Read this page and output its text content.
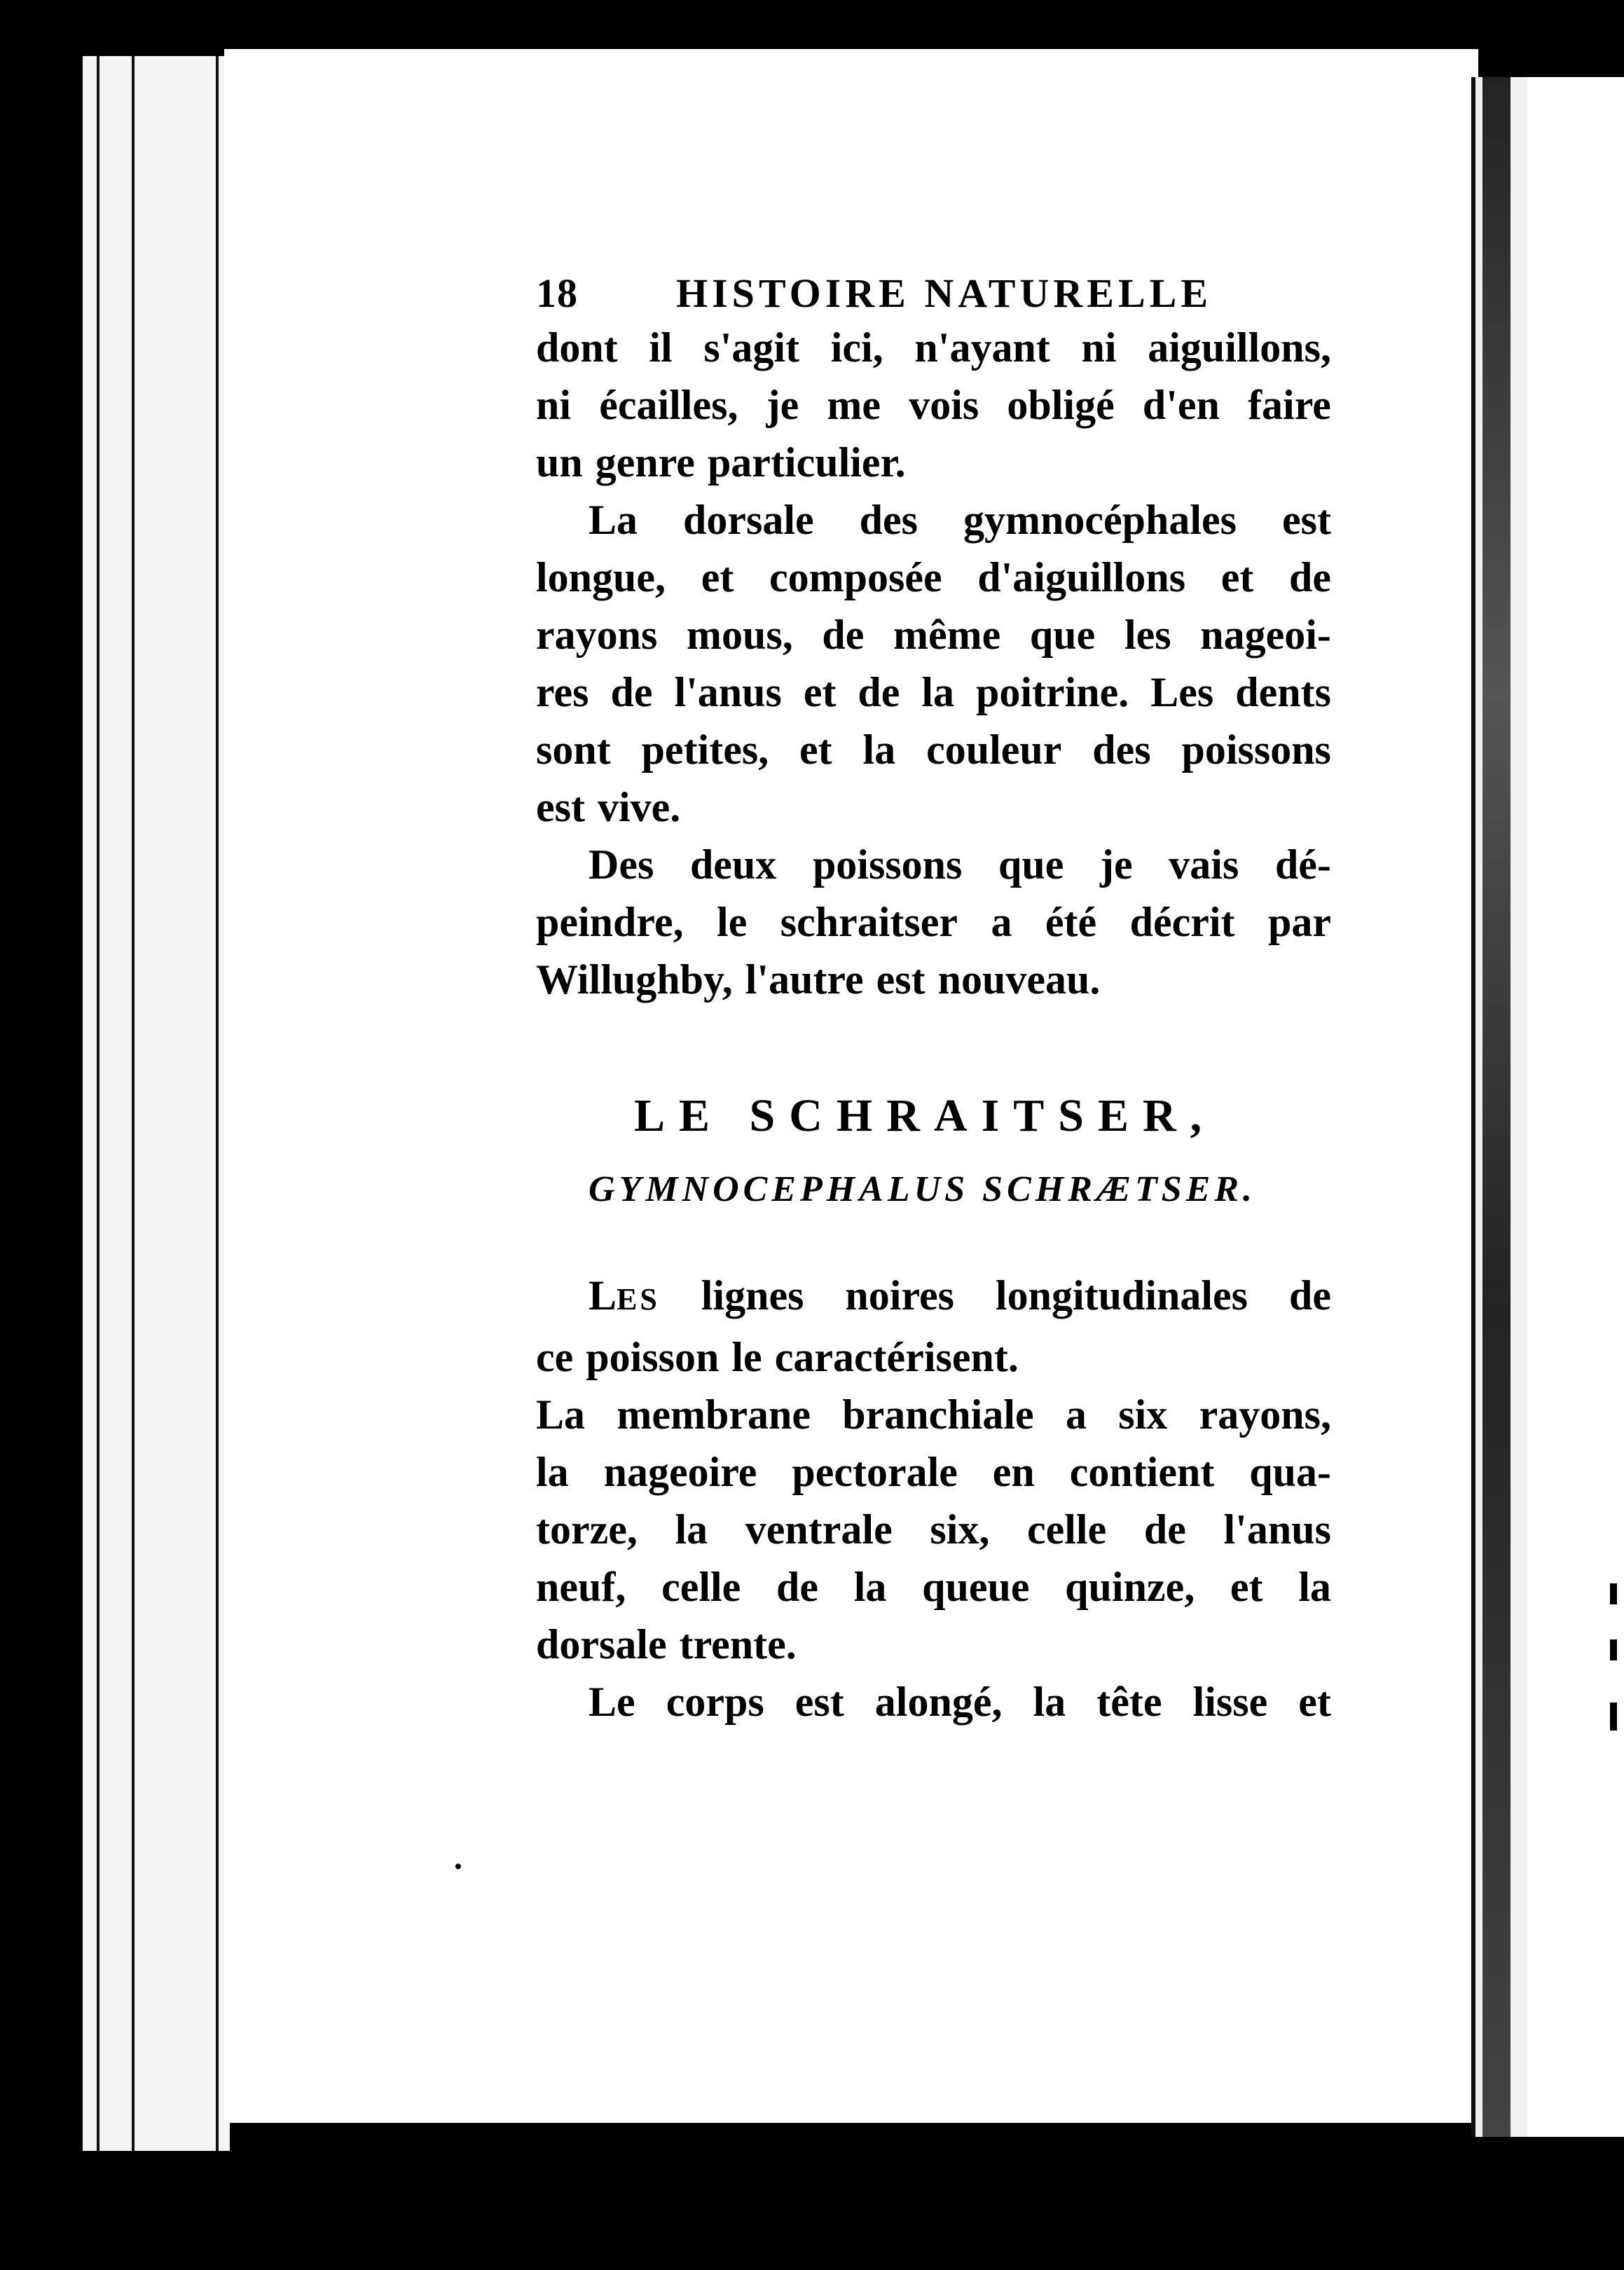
18 HISTOIRE NATURELLE
dont il s'agit ici, n'ayant ni aiguillons,
ni écailles, je me vois obligé d'en faire
un genre particulier.
La dorsale des gymnocéphales est
longue, et composée d'aiguillons et de
rayons mous, de même que les nageoi-
res de l'anus et de la poitrine. Les dents
sont petites, et la couleur des poissons
est vive.
Des deux poissons que je vais dé-
peindre, le schraitser a été décrit par
Willughby, l'autre est nouveau.
LE SCHRAITSER,
GYMNOCEPHALUS SCHRÆTSER.
LES lignes noires longitudinales de
ce poisson le caractérisent.
La membrane branchiale a six rayons,
la nageoire pectorale en contient qua-
torze, la ventrale six, celle de l'anus
neuf, celle de la queue quinze, et la
dorsale trente.
Le corps est alongé, la tête lisse et
